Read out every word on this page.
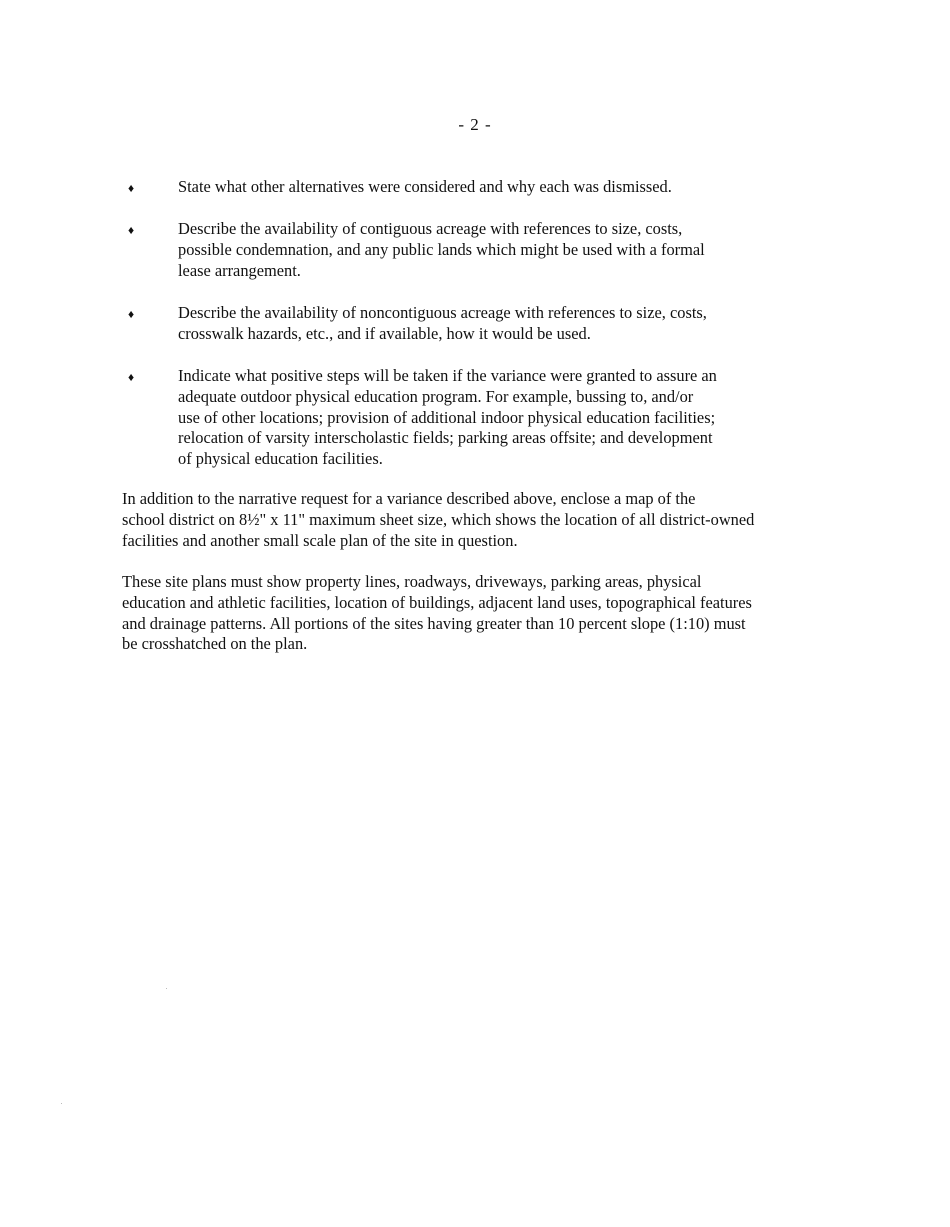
- 2 -
♦	State what other alternatives were considered and why each was dismissed.
♦	Describe the availability of contiguous acreage with references to size, costs,
possible condemnation, and any public lands which might be used with a formal
lease arrangement.
♦	Describe the availability of noncontiguous acreage with references to size, costs,
crosswalk hazards, etc., and if available, how it would be used.
♦	Indicate what positive steps will be taken if the variance were granted to assure an
adequate outdoor physical education program. For example, bussing to, and/or
use of other locations; provision of additional indoor physical education facilities;
relocation of varsity interscholastic fields; parking areas offsite; and development
of physical education facilities.

In addition to the narrative request for a variance described above, enclose a map of the
school district on 8½" x 11" maximum sheet size, which shows the location of all district-owned
facilities and another small scale plan of the site in question.

These site plans must show property lines, roadways, driveways, parking areas, physical
education and athletic facilities, location of buildings, adjacent land uses, topographical features
and drainage patterns. All portions of the sites having greater than 10 percent slope (1:10) must
be crosshatched on the plan.
